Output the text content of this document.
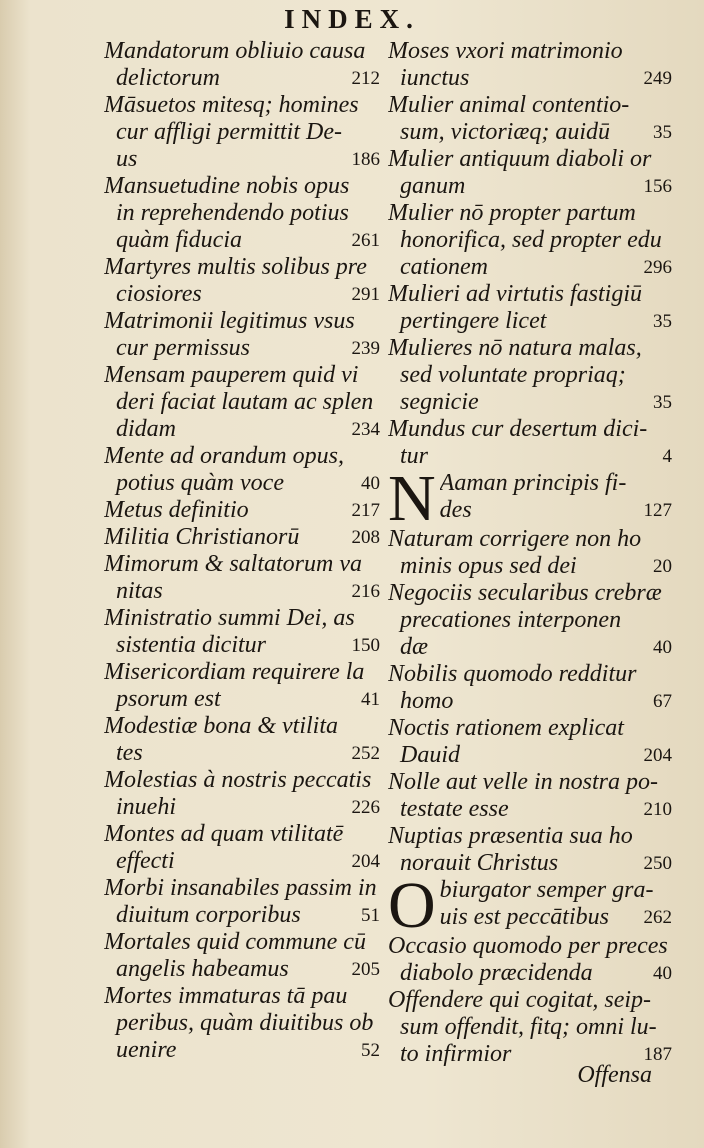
INDEX.
Mandatorum obliuio causa
delictorum	212
Māsuetos mitesq; homines
cur affligi permittit De-
us	186
Mansuetudine nobis opus
in reprehendendo potius
quàm fiducia	261
Martyres multis solibus pre
ciosiores	291
Matrimonii legitimus vsus
cur permissus	239
Mensam pauperem quid vi
deri faciat lautam ac splen
didam	234
Mente ad orandum opus,
potius quàm voce	40
Metus definitio	217
Militia Christianorū	208
Mimorum & saltatorum va
nitas	216
Ministratio summi Dei, as
sistentia dicitur	150
Misericordiam requirere la
psorum est	41
Modestiæ bona & vtilita
tes	252
Molestias à nostris peccatis
inuehi	226
Montes ad quam vtilitatē
effecti	204
Morbi insanabiles passim in
diuitum corporibus	51
Mortales quid commune cū
angelis habeamus	205
Mortes immaturas tā pau
peribus, quàm diuitibus ob
uenire	52
Moses vxori matrimonio
iunctus	249
Mulier animal contentio-
sum, victoriæq; auidū	35
Mulier antiquum diaboli or
ganum	156
Mulier nō propter partum
honorifica, sed propter edu
cationem	296
Mulieri ad virtutis fastigiū
pertingere licet	35
Mulieres nō natura malas,
sed voluntate propriaq;
segnicie	35
Mundus cur desertum dici-
tur	4
N Aaman principis fi-
des	127
Naturam corrigere non ho
minis opus sed dei	20
Negociis secularibus crebræ
precationes interponen
dæ	40
Nobilis quomodo redditur
homo	67
Noctis rationem explicat
Dauid	204
Nolle aut velle in nostra po-
testate esse	210
Nuptias præsentia sua ho
norauit Christus	250
O biurgator semper gra-
uis est peccātibus	262
Occasio quomodo per preces
diabolo præcidenda	40
Offendere qui cogitat, seip-
sum offendit, fitq; omni lu-
to infirmior	187
Offensa
